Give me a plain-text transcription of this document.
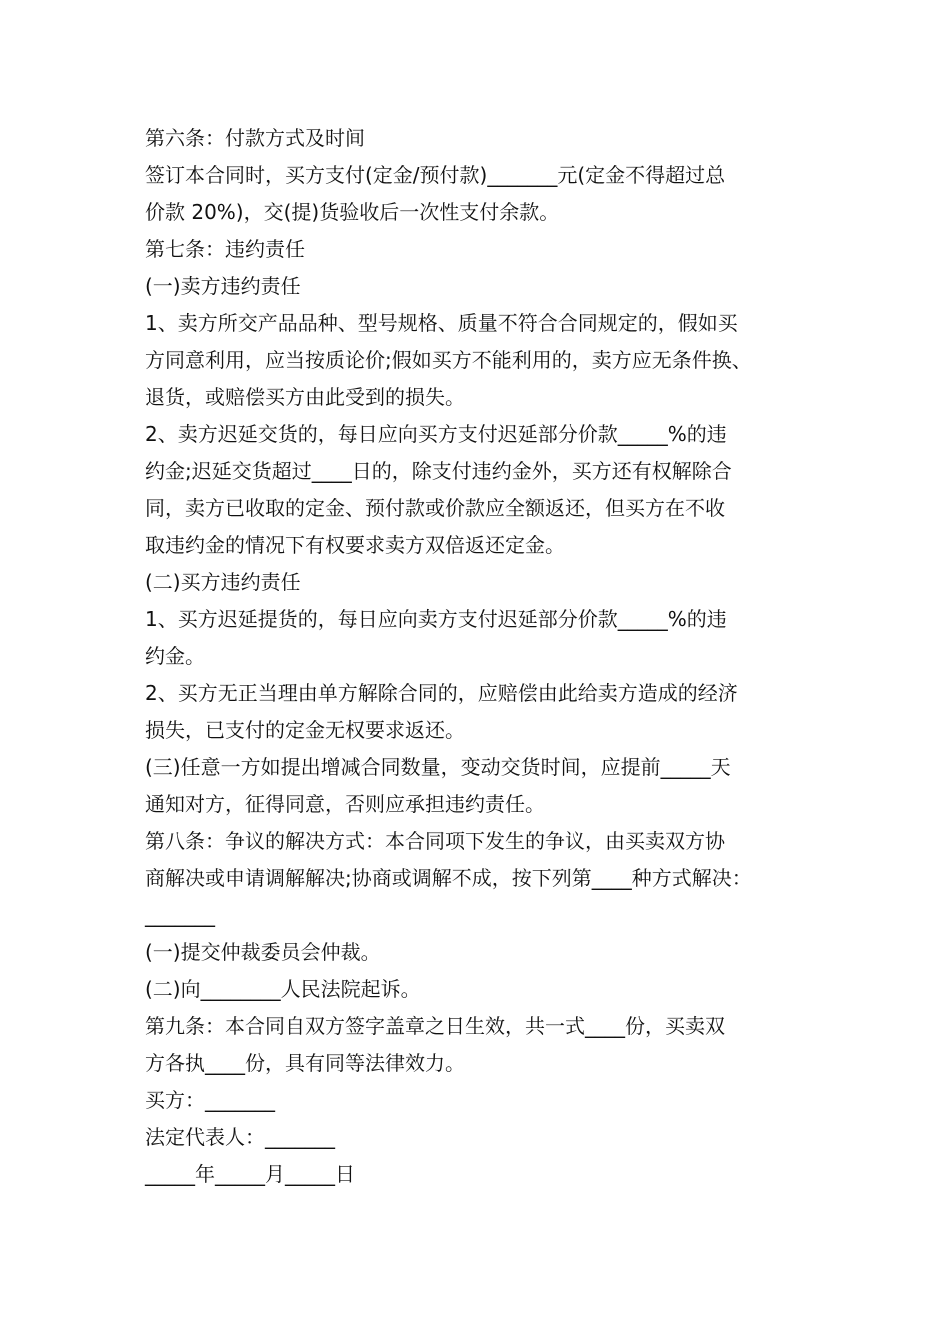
第六条：付款方式及时间
签订本合同时，买方支付(定金/预付款)_______元(定金不得超过总
价款 20%)，交(提)货验收后一次性支付余款。
第七条：违约责任
(一)卖方违约责任
1、卖方所交产品品种、型号规格、质量不符合合同规定的，假如买
方同意利用，应当按质论价;假如买方不能利用的，卖方应无条件换、
退货，或赔偿买方由此受到的损失。
2、卖方迟延交货的，每日应向买方支付迟延部分价款_____%的违
约金;迟延交货超过____日的，除支付违约金外，买方还有权解除合
同，卖方已收取的定金、预付款或价款应全额返还，但买方在不收
取违约金的情况下有权要求卖方双倍返还定金。
(二)买方违约责任
1、买方迟延提货的，每日应向卖方支付迟延部分价款_____%的违
约金。
2、买方无正当理由单方解除合同的，应赔偿由此给卖方造成的经济
损失，已支付的定金无权要求返还。
(三)任意一方如提出增减合同数量，变动交货时间，应提前_____天
通知对方，征得同意，否则应承担违约责任。
第八条：争议的解决方式：本合同项下发生的争议，由买卖双方协
商解决或申请调解解决;协商或调解不成，按下列第____种方式解决：
_______
(一)提交仲裁委员会仲裁。
(二)向________人民法院起诉。
第九条：本合同自双方签字盖章之日生效，共一式____份，买卖双
方各执____份，具有同等法律效力。
买方：_______
法定代表人：_______
_____年_____月_____日
